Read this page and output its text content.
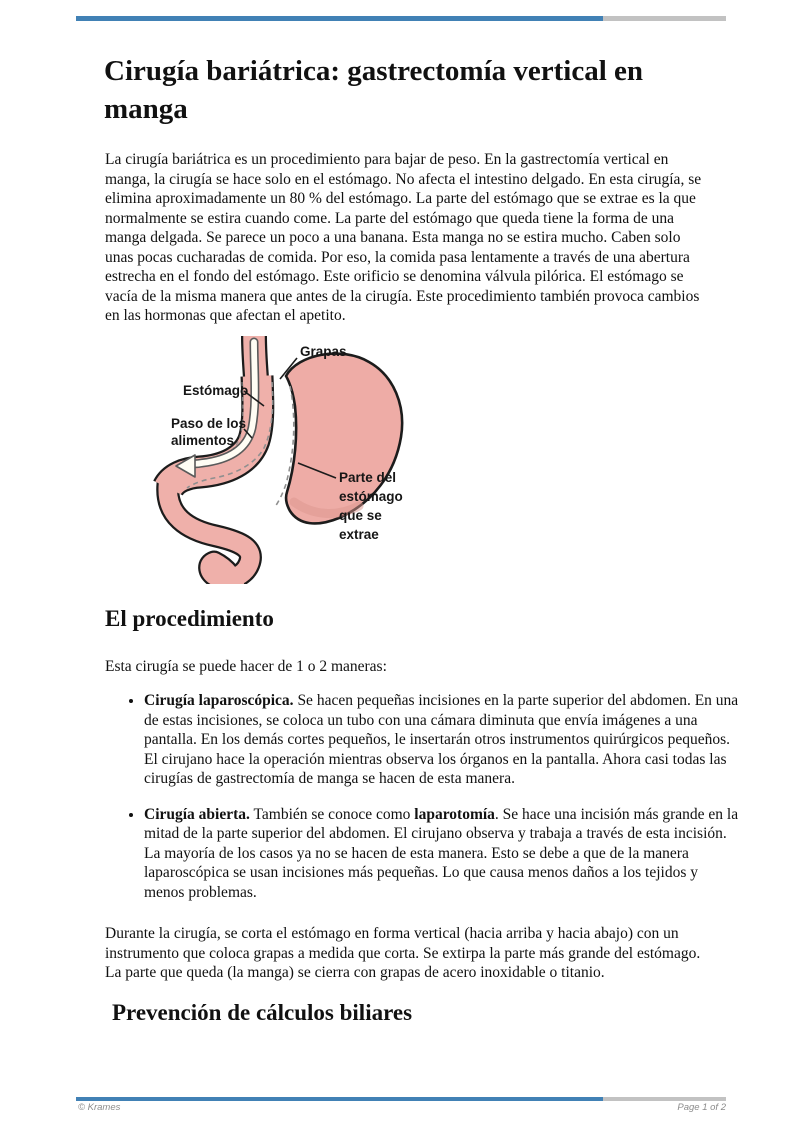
Cirugía bariátrica: gastrectomía vertical en manga

La cirugía bariátrica es un procedimiento para bajar de peso. En la gastrectomía vertical en manga, la cirugía se hace solo en el estómago. No afecta el intestino delgado. En esta cirugía, se elimina aproximadamente un 80 % del estómago. La parte del estómago que se extrae es la que normalmente se estira cuando come. La parte del estómago que queda tiene la forma de una manga delgada. Se parece un poco a una banana. Esta manga no se estira mucho. Caben solo unas pocas cucharadas de comida. Por eso, la comida pasa lentamente a través de una abertura estrecha en el fondo del estómago. Este orificio se denomina válvula pilórica. El estómago se vacía de la misma manera que antes de la cirugía. Este procedimiento también provoca cambios en las hormonas que afectan el apetito.

Grapas
Estómago
Paso de los
alimentos
Parte del
estómago
que se
extrae
El procedimiento

Esta cirugía se puede hacer de 1 o 2 maneras:

• Cirugía laparoscópica. Se hacen pequeñas incisiones en la parte superior del abdomen. En una de estas incisiones, se coloca un tubo con una cámara diminuta que envía imágenes a una pantalla. En los demás cortes pequeños, le insertarán otros instrumentos quirúrgicos pequeños. El cirujano hace la operación mientras observa los órganos en la pantalla. Ahora casi todas las cirugías de gastrectomía de manga se hacen de esta manera.
• Cirugía abierta. También se conoce como laparotomía. Se hace una incisión más grande en la mitad de la parte superior del abdomen. El cirujano observa y trabaja a través de esta incisión. La mayoría de los casos ya no se hacen de esta manera. Esto se debe a que de la manera laparoscópica se usan incisiones más pequeñas. Lo que causa menos daños a los tejidos y menos problemas.

Durante la cirugía, se corta el estómago en forma vertical (hacia arriba y hacia abajo) con un instrumento que coloca grapas a medida que corta. Se extirpa la parte más grande del estómago. La parte que queda (la manga) se cierra con grapas de acero inoxidable o titanio.

Prevención de cálculos biliares
© Krames	Page 1 of 2
